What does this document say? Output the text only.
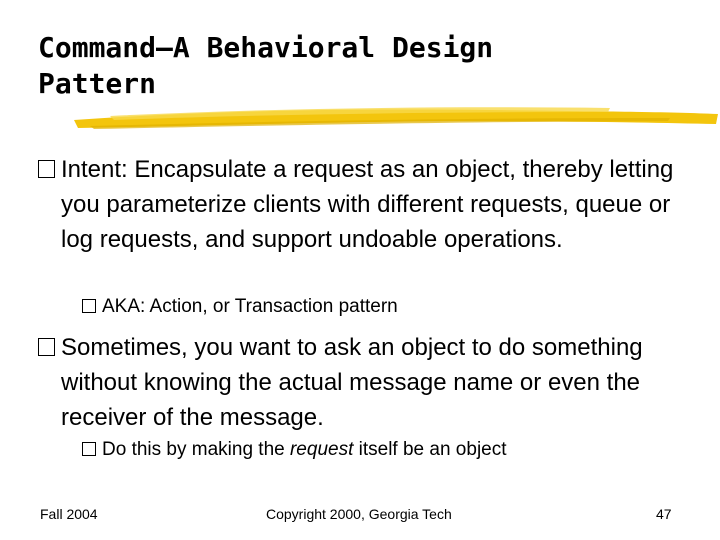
Command—A Behavioral Design
Pattern
Intent: Encapsulate a request as an object, thereby letting you parameterize clients with different requests, queue or log requests, and support undoable operations.
AKA: Action, or Transaction pattern
Sometimes, you want to ask an object to do something without knowing the actual message name or even the receiver of the message.
Do this by making the request itself be an object
Fall 2004	Copyright 2000, Georgia Tech	47
